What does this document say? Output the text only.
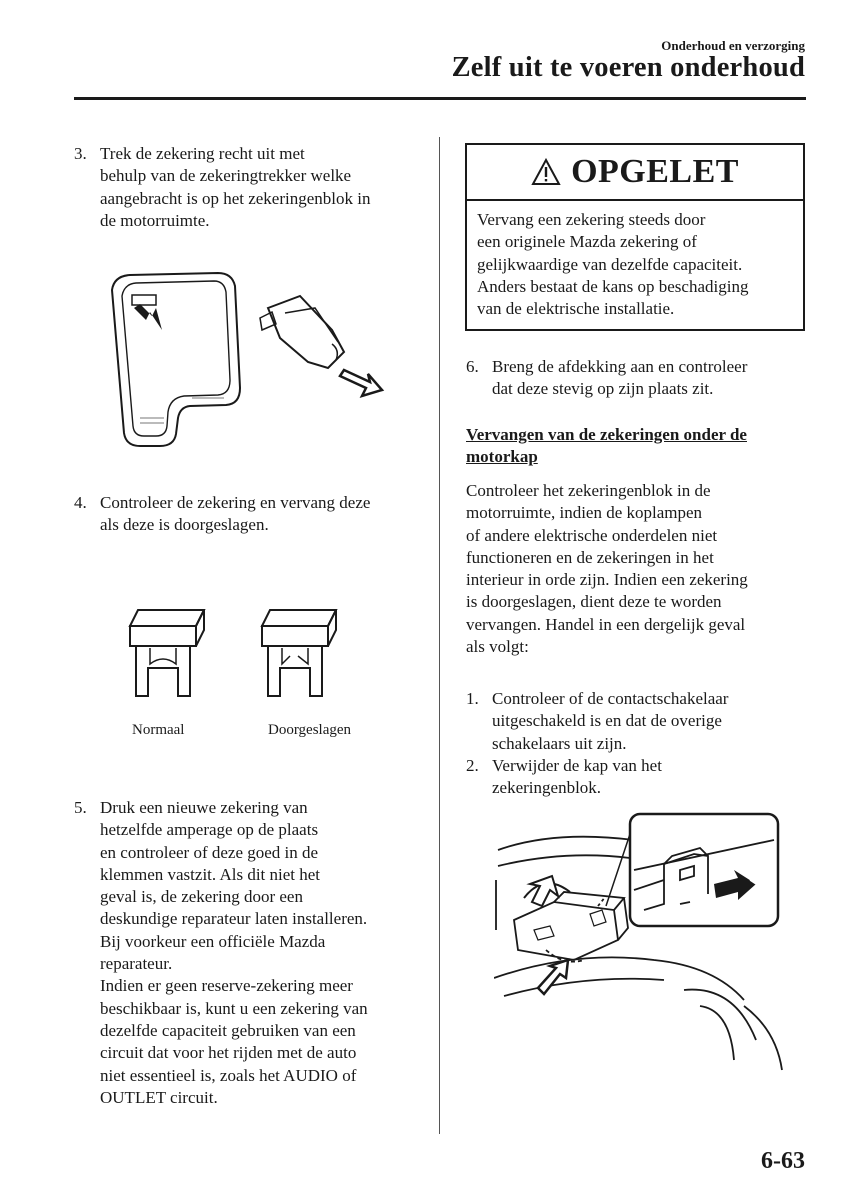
Onderhoud en verzorging
Zelf uit te voeren onderhoud
3. Trek de zekering recht uit met
behulp van de zekeringtrekker welke
aangebracht is op het zekeringenblok in
de motorruimte.
4. Controleer de zekering en vervang deze
als deze is doorgeslagen.
Normaal	Doorgeslagen
5. Druk een nieuwe zekering van
hetzelfde amperage op de plaats
en controleer of deze goed in de
klemmen vastzit. Als dit niet het
geval is, de zekering door een
deskundige reparateur laten installeren.
Bij voorkeur een officiële Mazda
reparateur.
Indien er geen reserve-zekering meer
beschikbaar is, kunt u een zekering van
dezelfde capaciteit gebruiken van een
circuit dat voor het rijden met de auto
niet essentieel is, zoals het AUDIO of
OUTLET circuit.
OPGELET
Vervang een zekering steeds door
een originele Mazda zekering of
gelijkwaardige van dezelfde capaciteit.
Anders bestaat de kans op beschadiging
van de elektrische installatie.
6. Breng de afdekking aan en controleer
dat deze stevig op zijn plaats zit.
Vervangen van de zekeringen onder de
motorkap
Controleer het zekeringenblok in de
motorruimte, indien de koplampen
of andere elektrische onderdelen niet
functioneren en de zekeringen in het
interieur in orde zijn. Indien een zekering
is doorgeslagen, dient deze te worden
vervangen. Handel in een dergelijk geval
als volgt:
1. Controleer of de contactschakelaar
uitgeschakeld is en dat de overige
schakelaars uit zijn.
2. Verwijder de kap van het
zekeringenblok.
6-63
